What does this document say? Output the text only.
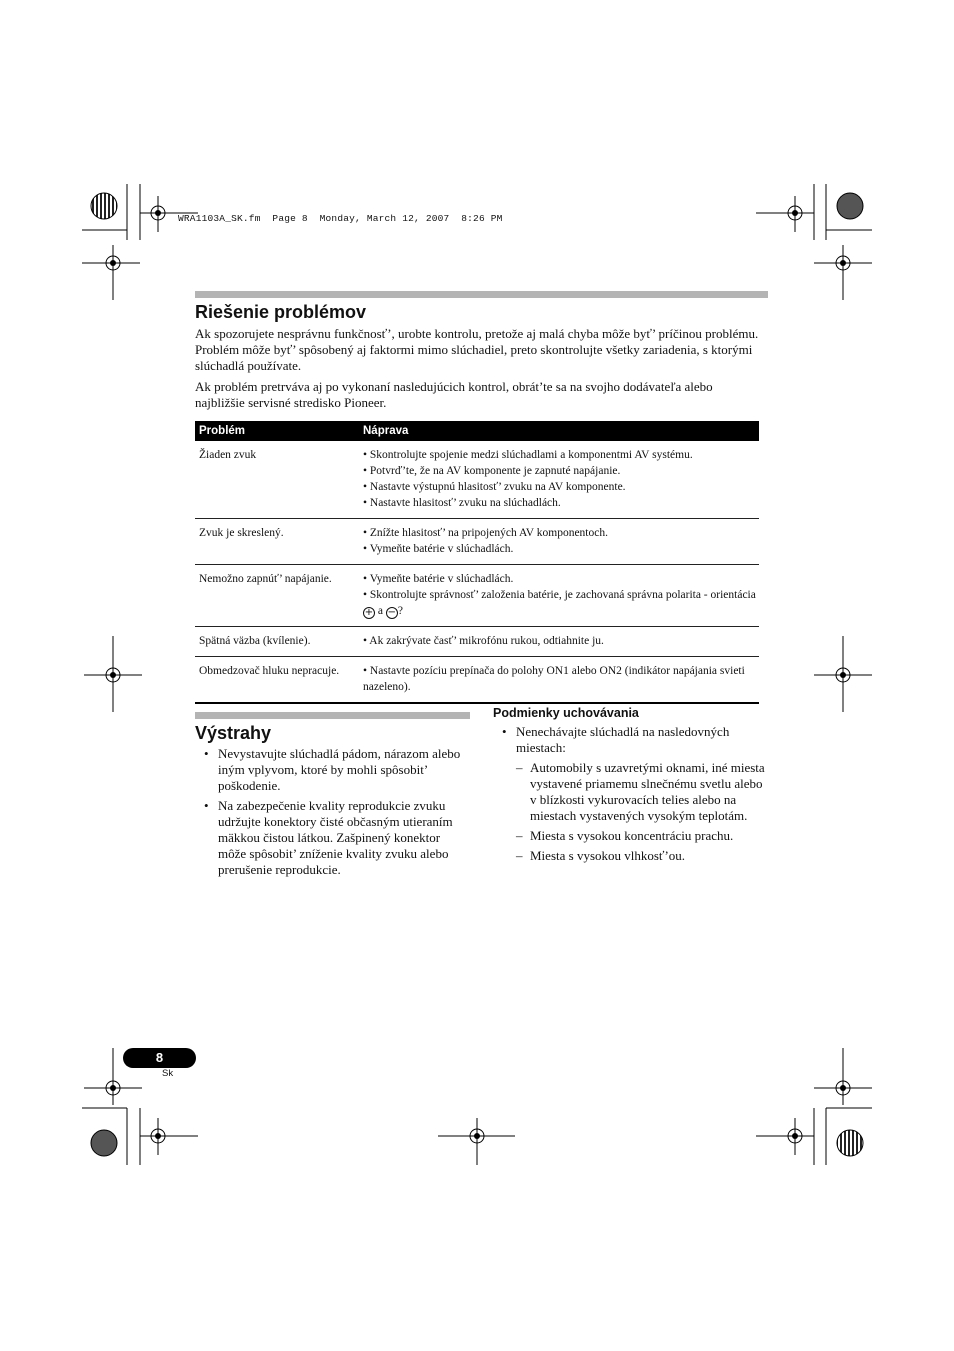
WRA1103A_SK.fm  Page 8  Monday, March 12, 2007  8:26 PM
Riešenie problémov
Ak spozorujete nesprávnu funkčnosť’, urobte kontrolu, pretože aj malá chyba môže byť’ príčinou problému. Problém môže byť’ spôsobený aj faktormi mimo slúchadiel, preto skontrolujte všetky zariadenia, s ktorými slúchadlá používate.
Ak problém pretrváva aj po vykonaní nasledujúcich kontrol, obrát’te sa na svojho dodávateľa alebo najbližšie servisné stredisko Pioneer.
Problém	Náprava
Žiaden zvuk	• Skontrolujte spojenie medzi slúchadlami a komponentmi AV systému.
• Potvrď’te, že na AV komponente je zapnuté napájanie.
• Nastavte výstupnú hlasitosť’ zvuku na AV komponente.
• Nastavte hlasitosť’ zvuku na slúchadlách.

Zvuk je skreslený.	• Znížte hlasitosť’ na pripojených AV komponentoch.
• Vymeňte batérie v slúchadlách.

Nemožno zapnúť’ napájanie.	• Vymeňte batérie v slúchadlách.
• Skontrolujte správnosť’ založenia batérie, je zachovaná správna polarita - orientácia + a − ?

Spätná väzba (kvílenie).	• Ak zakrývate časť’ mikrofónu rukou, odtiahnite ju.

Obmedzovač hluku nepracuje.	• Nastavte pozíciu prepínača do polohy ON1 alebo ON2 (indikátor napájania svieti nazeleno).
Výstrahy
• Nevystavujte slúchadlá pádom, nárazom alebo iným vplyvom, ktoré by mohli spôsobit’ poškodenie.
• Na zabezpečenie kvality reprodukcie zvuku udržujte konektory čisté občasným utieraním mäkkou čistou látkou. Zašpinený konektor môže spôsobit’ zníženie kvality zvuku alebo prerušenie reprodukcie.
Podmienky uchovávania
• Nenechávajte slúchadlá na nasledovných miestach:
– Automobily s uzavretými oknami, iné miesta vystavené priamemu slnečnému svetlu alebo v blízkosti vykurovacích telies alebo na miestach vystavených vysokým teplotám.
– Miesta s vysokou koncentráciu prachu.
– Miesta s vysokou vlhkosť’ou.
8
Sk
